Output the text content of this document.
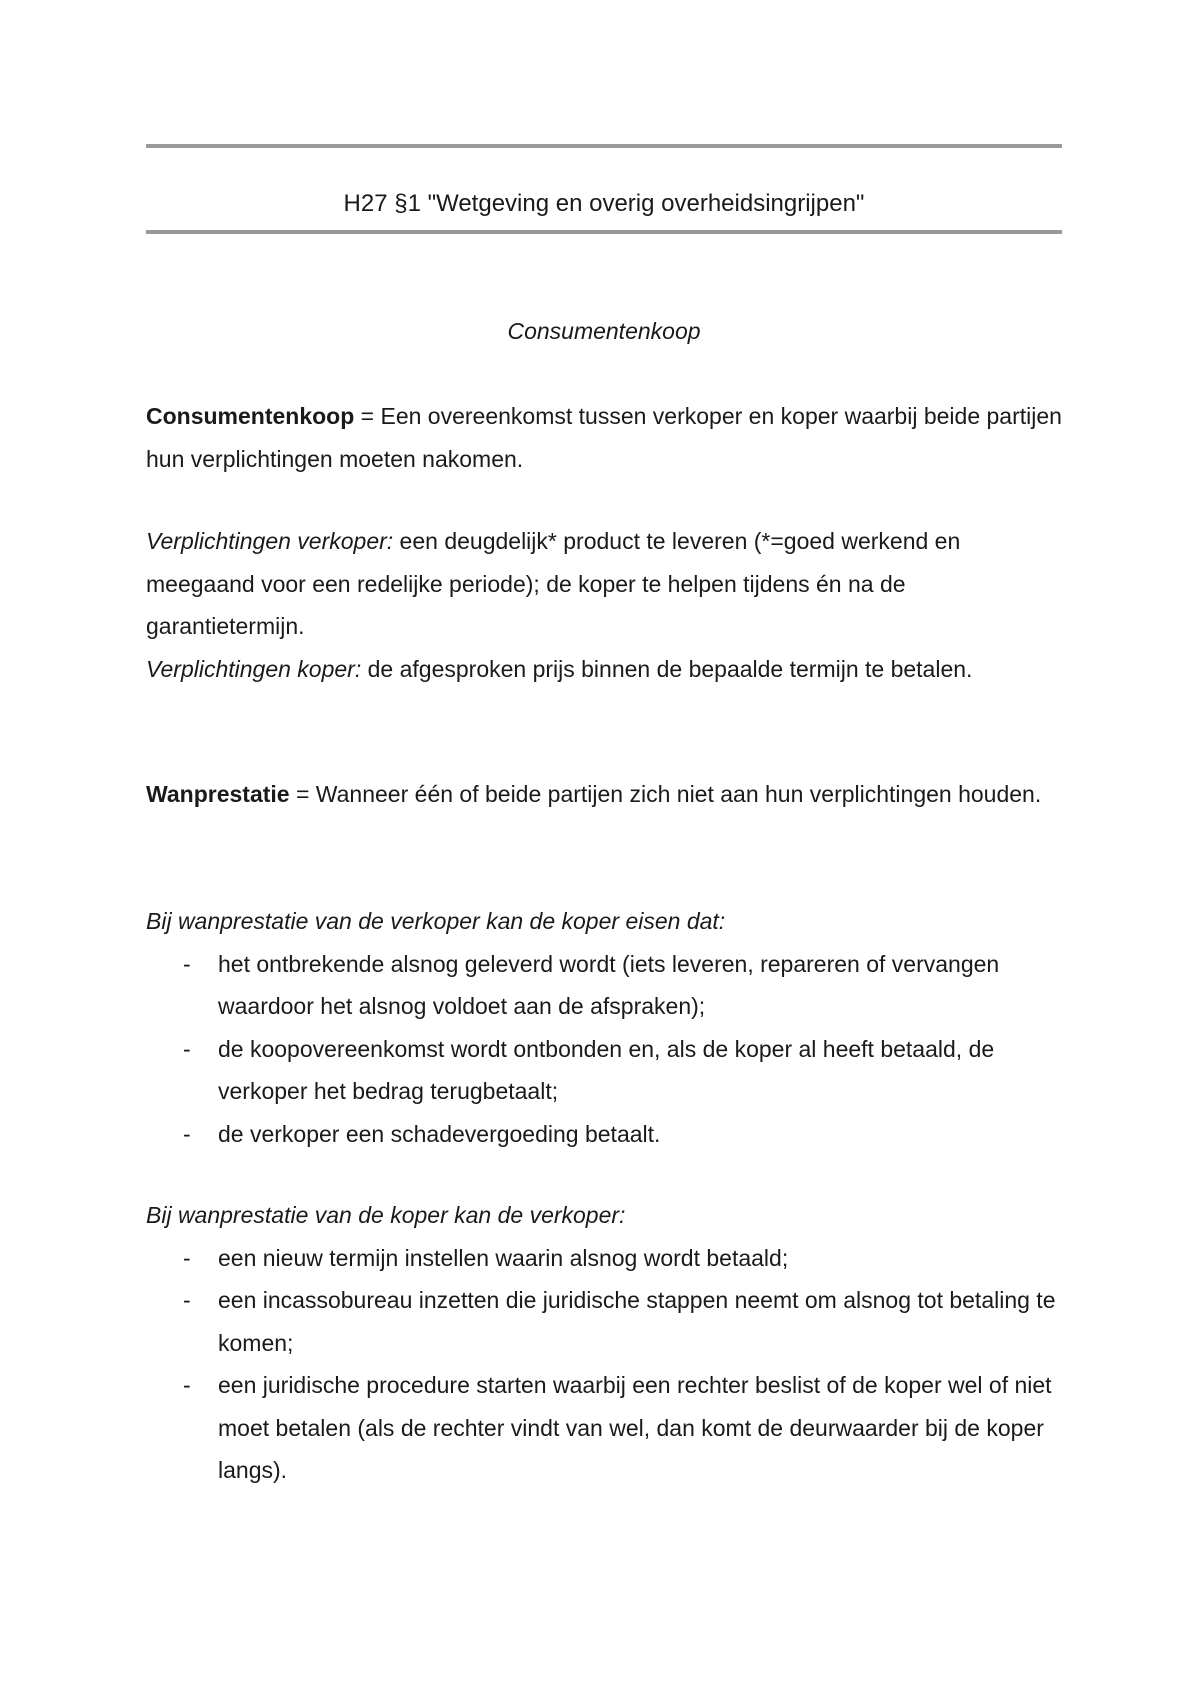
H27 §1 "Wetgeving en overig overheidsingrijpen"
Consumentenkoop

Consumentenkoop = Een overeenkomst tussen verkoper en koper waarbij beide partijen hun verplichtingen moeten nakomen.

Verplichtingen verkoper: een deugdelijk* product te leveren (*=goed werkend en meegaand voor een redelijke periode); de koper te helpen tijdens én na de garantietermijn.

Verplichtingen koper: de afgesproken prijs binnen de bepaalde termijn te betalen.

Wanprestatie = Wanneer één of beide partijen zich niet aan hun verplichtingen houden.

Bij wanprestatie van de verkoper kan de koper eisen dat:
- het ontbrekende alsnog geleverd wordt (iets leveren, repareren of vervangen waardoor het alsnog voldoet aan de afspraken);
- de koopovereenkomst wordt ontbonden en, als de koper al heeft betaald, de verkoper het bedrag terugbetaalt;
- de verkoper een schadevergoeding betaalt.
Bij wanprestatie van de koper kan de verkoper:
- een nieuw termijn instellen waarin alsnog wordt betaald;
- een incassobureau inzetten die juridische stappen neemt om alsnog tot betaling te komen;
- een juridische procedure starten waarbij een rechter beslist of de koper wel of niet moet betalen (als de rechter vindt van wel, dan komt de deurwaarder bij de koper langs).
